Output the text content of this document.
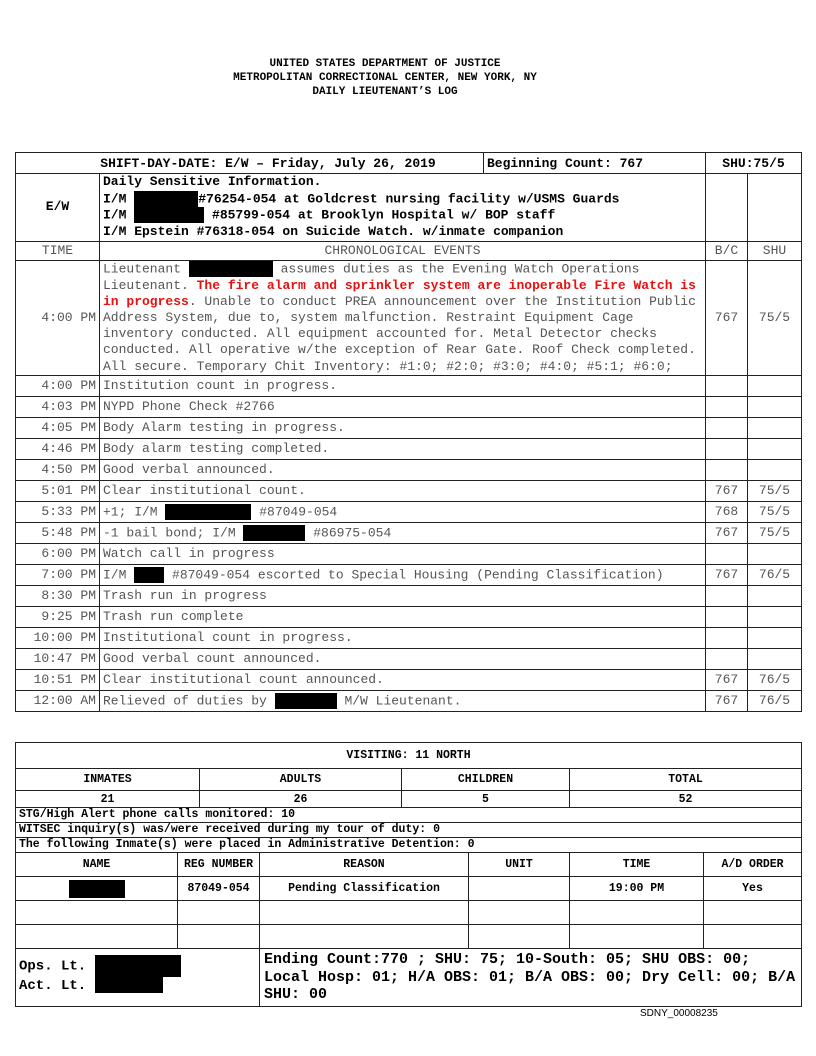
UNITED STATES DEPARTMENT OF JUSTICE
METROPOLITAN CORRECTIONAL CENTER, NEW YORK, NY
DAILY LIEUTENANT’S LOG
SHIFT-DAY-DATE: E/W – Friday, July 26, 2019		Beginning Count: 767	SHU:75/5	
E/W	Daily Sensitive Information.
I/M #76254-054 at Goldcrest nursing facility w/USMS Guards
I/M #85799-054 at Brooklyn Hospital w/ BOP staff
I/M Epstein #76318-054 on Suicide Watch. w/inmate companion			

TIME	CHRONOLOGICAL EVENTS		B/C	SHU
4:00 PM	Lieutenant assumes duties as the Evening Watch Operations Lieutenant. The fire alarm and sprinkler system are inoperable Fire Watch is in progress. Unable to conduct PREA announcement over the Institution Public Address System, due to, system malfunction. Restraint Equipment Cage inventory conducted. All equipment accounted for. Metal Detector checks conducted. All operative w/the exception of Rear Gate. Roof Check completed. All secure. Temporary Chit Inventory: #1:0; #2:0; #3:0; #4:0; #5:1; #6:0;		767	75/5
4:00 PM	Institution count in progress.			
4:03 PM	NYPD Phone Check #2766			
4:05 PM	Body Alarm testing in progress.			
4:46 PM	Body alarm testing completed.			
4:50 PM	Good verbal announced.			
5:01 PM	Clear institutional count.		767	75/5
5:33 PM	+1; I/M #87049-054		768	75/5
5:48 PM	-1 bail bond; I/M #86975-054		767	75/5
6:00 PM	Watch call in progress			
7:00 PM	I/M  #87049-054 escorted to Special Housing (Pending Classification)		767	76/5
8:30 PM	Trash run in progress			
9:25 PM	Trash run complete			
10:00 PM	Institutional count in progress.			
10:47 PM	Good verbal count announced.			
10:51 PM	Clear institutional count announced.		767	76/5
12:00 AM	Relieved of duties by M/W Lieutenant.		767	76/5
VISITING: 11 NORTH							
INMATES		ADULTS		CHILDREN		TOTAL	
21		26		5		52	
STG/High Alert phone calls monitored: 10							
WITSEC inquiry(s) was/were received during my tour of duty: 0							
The following Inmate(s) were placed in Administrative Detention: 0							
NAME	REG NUMBER		REASON		UNIT	TIME	A/D ORDER
	87049-054		Pending Classification			19:00 PM	Yes

Ops. Lt.
Act. Lt.			Ending Count:770 ; SHU: 75; 10-South: 05; SHU OBS: 00; Local Hosp: 01; H/A OBS: 01; B/A OBS: 00; Dry Cell: 00; B/A SHU: 00				
SDNY_00008235
